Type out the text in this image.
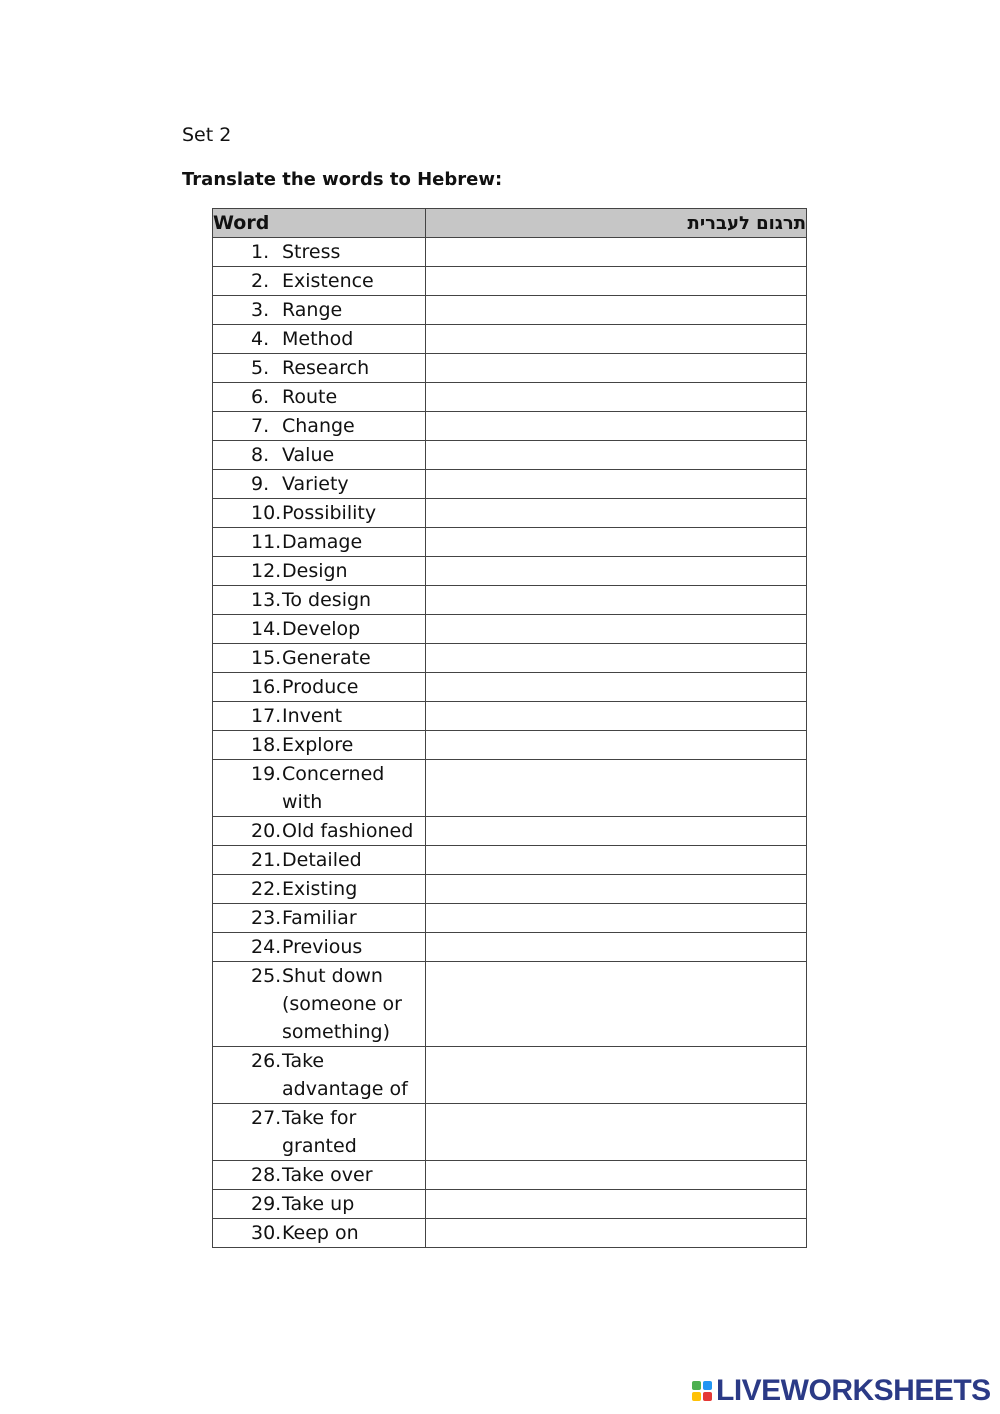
Set 2
Translate the words to Hebrew:
Word	תרגום לעברית

1. Stress	

2. Existence	

3. Range	

4. Method	

5. Research	

6. Route	

7. Change	

8. Value	

9. Variety	

10. Possibility	

11. Damage	

12. Design	

13. To design	

14. Develop	

15. Generate	

16. Produce	

17. Invent	

18. Explore	

19. Concerned
with	

20. Old fashioned	

21. Detailed	

22. Existing	

23. Familiar	

24. Previous	

25. Shut down
(someone or
something)	

26. Take
advantage of	

27. Take for
granted	

28. Take over	

29. Take up	

30. Keep on	

LIVEWORKSHEETS
